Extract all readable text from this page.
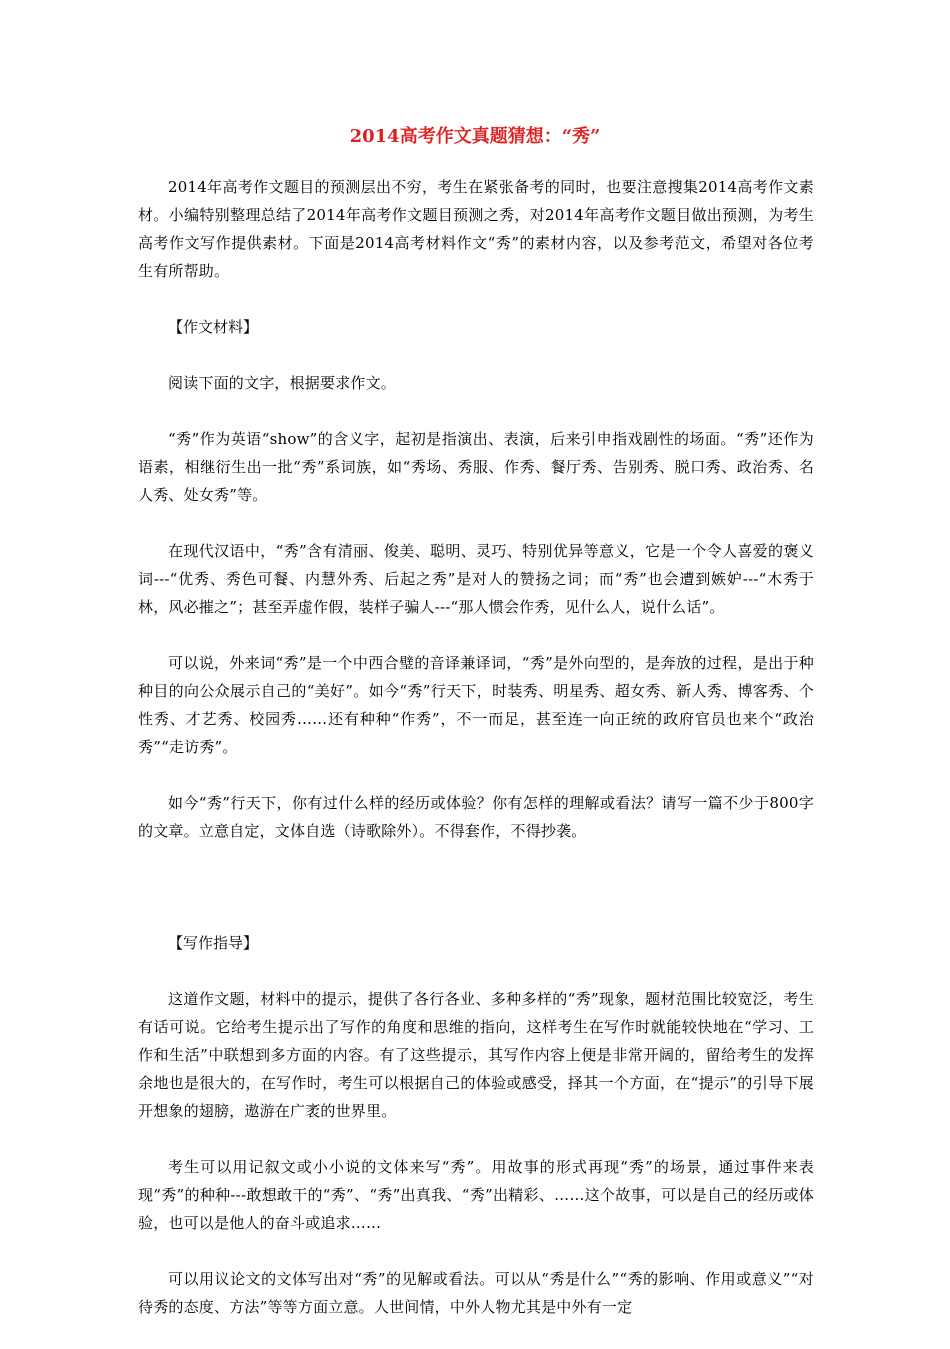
2014高考作文真题猜想：“秀”

2014年高考作文题目的预测层出不穷，考生在紧张备考的同时，也要注意搜集2014高考作文素材。小编特别整理总结了2014年高考作文题目预测之秀，对2014年高考作文题目做出预测，为考生高考作文写作提供素材。下面是2014高考材料作文“秀”的素材内容，以及参考范文，希望对各位考生有所帮助。

【作文材料】

阅读下面的文字，根据要求作文。

“秀”作为英语“show”的含义字，起初是指演出、表演，后来引申指戏剧性的场面。“秀”还作为语素，相继衍生出一批“秀”系词族，如“秀场、秀服、作秀、餐厅秀、告别秀、脱口秀、政治秀、名人秀、处女秀”等。

在现代汉语中，“秀”含有清丽、俊美、聪明、灵巧、特别优异等意义，它是一个令人喜爱的褒义词---“优秀、秀色可餐、内慧外秀、后起之秀”是对人的赞扬之词；而“秀”也会遭到嫉妒---“木秀于林，风必摧之”；甚至弄虚作假，装样子骗人---“那人惯会作秀，见什么人，说什么话”。

可以说，外来词“秀”是一个中西合璧的音译兼译词，“秀”是外向型的，是奔放的过程，是出于种种目的向公众展示自己的“美好”。如今“秀”行天下，时装秀、明星秀、超女秀、新人秀、博客秀、个性秀、才艺秀、校园秀……还有种种“作秀”，不一而足，甚至连一向正统的政府官员也来个“政治秀”“走访秀”。

如今“秀”行天下，你有过什么样的经历或体验？你有怎样的理解或看法？请写一篇不少于800字的文章。立意自定，文体自选（诗歌除外）。不得套作，不得抄袭。

【写作指导】

这道作文题，材料中的提示，提供了各行各业、多种多样的“秀”现象，题材范围比较宽泛，考生有话可说。它给考生提示出了写作的角度和思维的指向，这样考生在写作时就能较快地在“学习、工作和生活”中联想到多方面的内容。有了这些提示，其写作内容上便是非常开阔的，留给考生的发挥余地也是很大的，在写作时，考生可以根据自己的体验或感受，择其一个方面，在“提示”的引导下展开想象的翅膀，遨游在广袤的世界里。

考生可以用记叙文或小小说的文体来写“秀”。用故事的形式再现“秀”的场景，通过事件来表现“秀”的种种---敢想敢干的“秀”、“秀”出真我、“秀”出精彩、……这个故事，可以是自己的经历或体验，也可以是他人的奋斗或追求……

可以用议论文的文体写出对“秀”的见解或看法。可以从“秀是什么”“秀的影响、作用或意义”“对待秀的态度、方法”等等方面立意。人世间情，中外人物尤其是中外有一定
